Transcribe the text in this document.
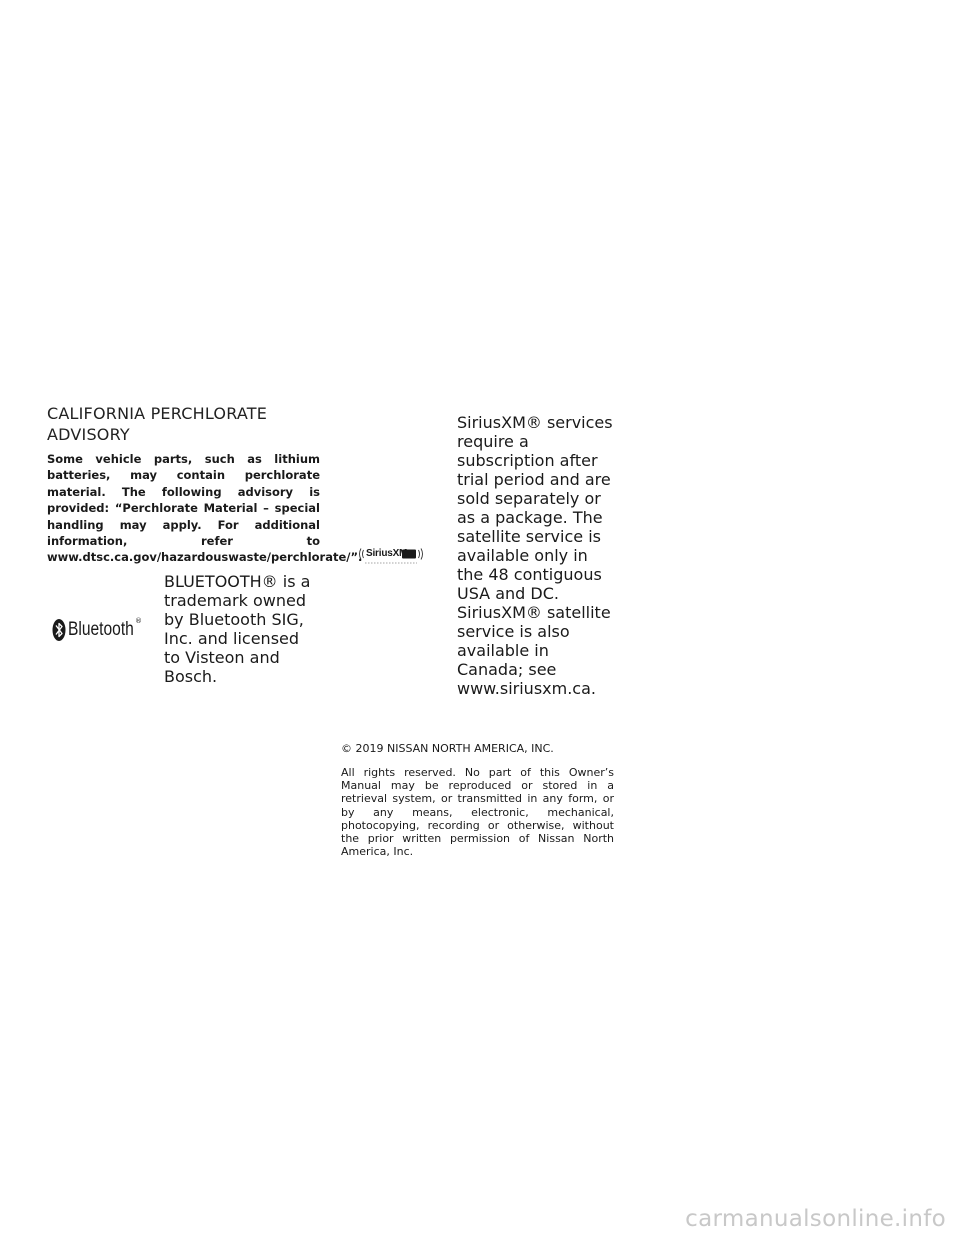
CALIFORNIA PERCHLORATE ADVISORY
Some vehicle parts, such as lithium batteries, may contain perchlorate material. The following advisory is provided: “Perchlorate Material – special handling may apply. For additional information, refer to www.dtsc.ca.gov/hazardouswaste/perchlorate/”.
Bluetooth ®
BLUETOOTH® is a trademark owned by Bluetooth SIG, Inc. and licensed to Visteon and Bosch.
SiriusXM
SiriusXM® services require a subscription after trial period and are sold separately or as a package. The satellite service is available only in the 48 contiguous USA and DC. SiriusXM® satellite service is also available in Canada; see www.siriusxm.ca.
© 2019 NISSAN NORTH AMERICA, INC.
All rights reserved. No part of this Owner’s Manual may be reproduced or stored in a retrieval system, or transmitted in any form, or by any means, electronic, mechanical, photocopying, recording or otherwise, without the prior written permission of Nissan North America, Inc.
carmanualsonline.info
